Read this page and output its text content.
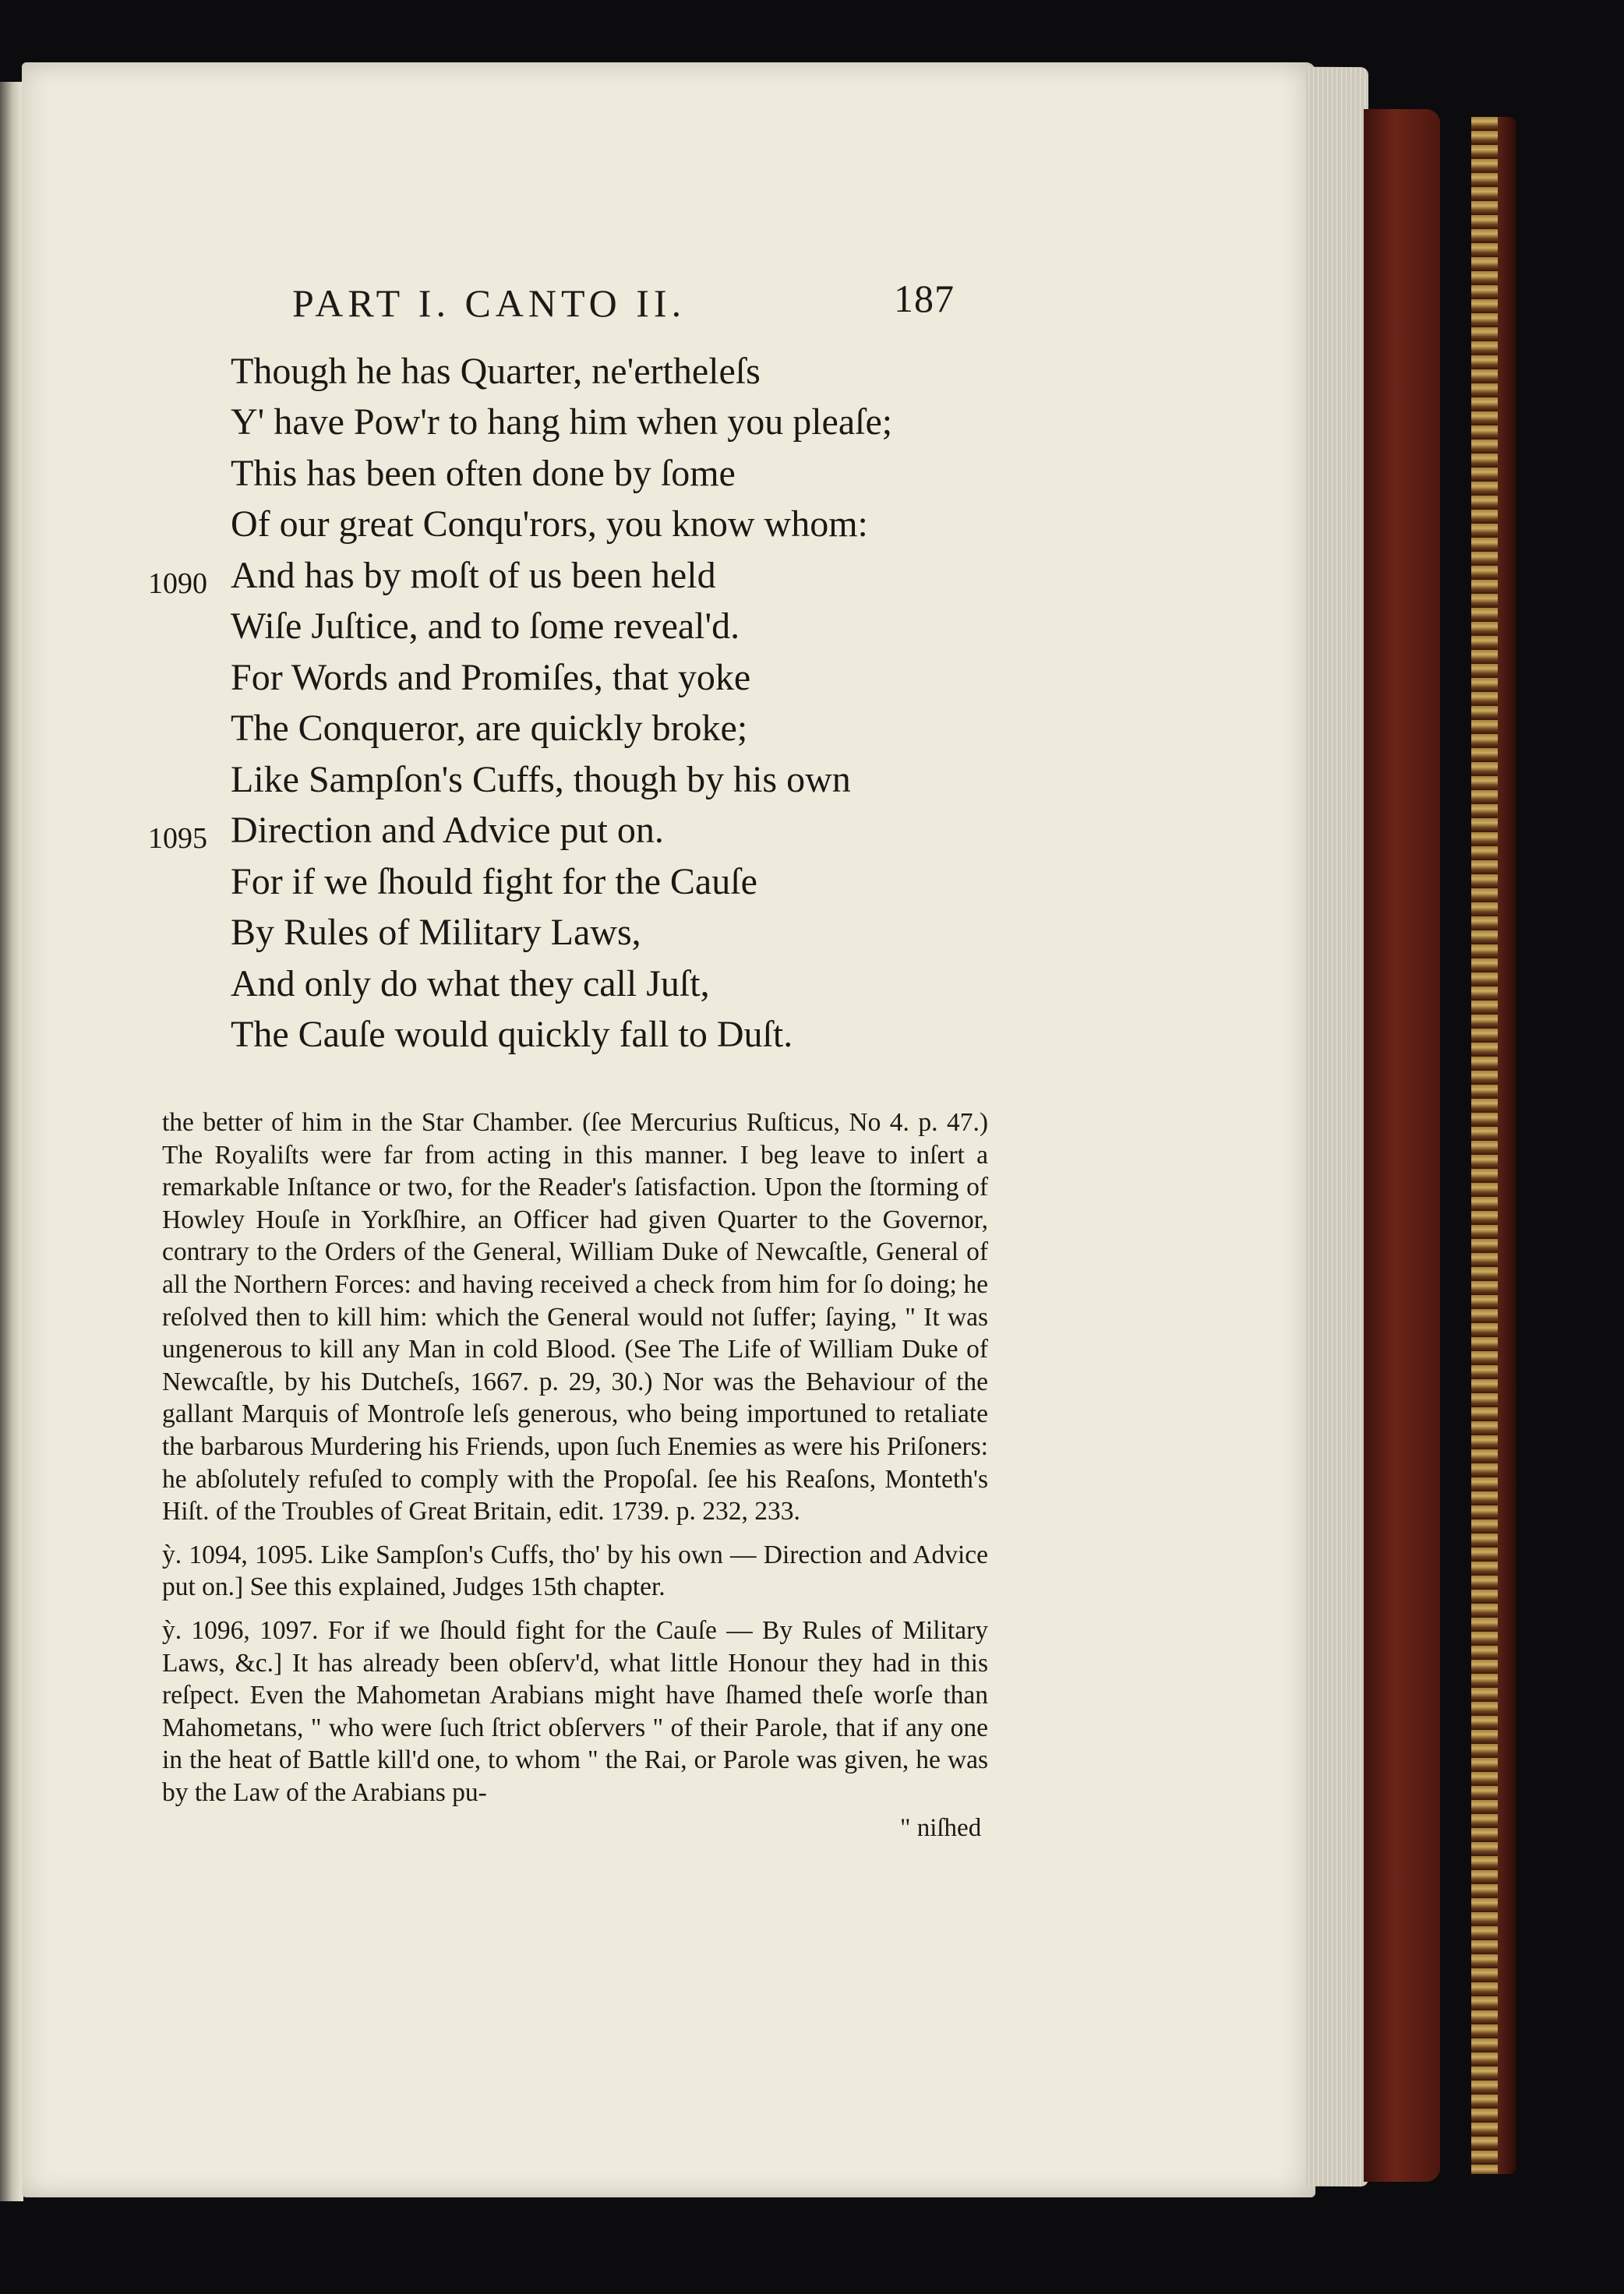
PART I. CANTO II.	187
Though he has Quarter, ne'ertheleſs
Y' have Pow'r to hang him when you pleaſe;
This has been often done by ſome
Of our great Conqu'rors, you know whom:
And has by moſt of us been held
1090
Wiſe Juſtice, and to ſome reveal'd.
For Words and Promiſes, that yoke
The Conqueror, are quickly broke;
Like Sampſon's Cuffs, though by his own
Direction and Advice put on.
1095
For if we ſhould fight for the Cauſe
By Rules of Military Laws,
And only do what they call Juſt,
The Cauſe would quickly fall to Duſt.

the better of him in the Star Chamber. (ſee Mercurius Ruſticus, No 4. p. 47.) The Royaliſts were far from acting in this manner. I beg leave to inſert a remarkable Inſtance or two, for the Reader's ſatisfaction. Upon the ſtorming of Howley Houſe in Yorkſhire, an Officer had given Quarter to the Governor, contrary to the Orders of the General, William Duke of Newcaſtle, General of all the Northern Forces: and having received a check from him for ſo doing; he reſolved then to kill him: which the General would not ſuffer; ſaying, " It was ungenerous to kill any Man in cold Blood. (See The Life of William Duke of Newcaſtle, by his Dutcheſs, 1667. p. 29, 30.) Nor was the Behaviour of the gallant Marquis of Montroſe leſs generous, who being importuned to retaliate the barbarous Murdering his Friends, upon ſuch Enemies as were his Priſoners: he abſolutely refuſed to comply with the Propoſal. ſee his Reaſons, Monteth's Hiſt. of the Troubles of Great Britain, edit. 1739. p. 232, 233.

ỳ. 1094, 1095. Like Sampſon's Cuffs, tho' by his own — Direction and Advice put on.] See this explained, Judges 15th chapter.

ỳ. 1096, 1097. For if we ſhould fight for the Cauſe — By Rules of Military Laws, &c.] It has already been obſerv'd, what little Honour they had in this reſpect. Even the Mahometan Arabians might have ſhamed theſe worſe than Mahometans, " who were ſuch ſtrict obſervers " of their Parole, that if any one in the heat of Battle kill'd one, to whom " the Rai, or Parole was given, he was by the Law of the Arabians pu-

" niſhed
